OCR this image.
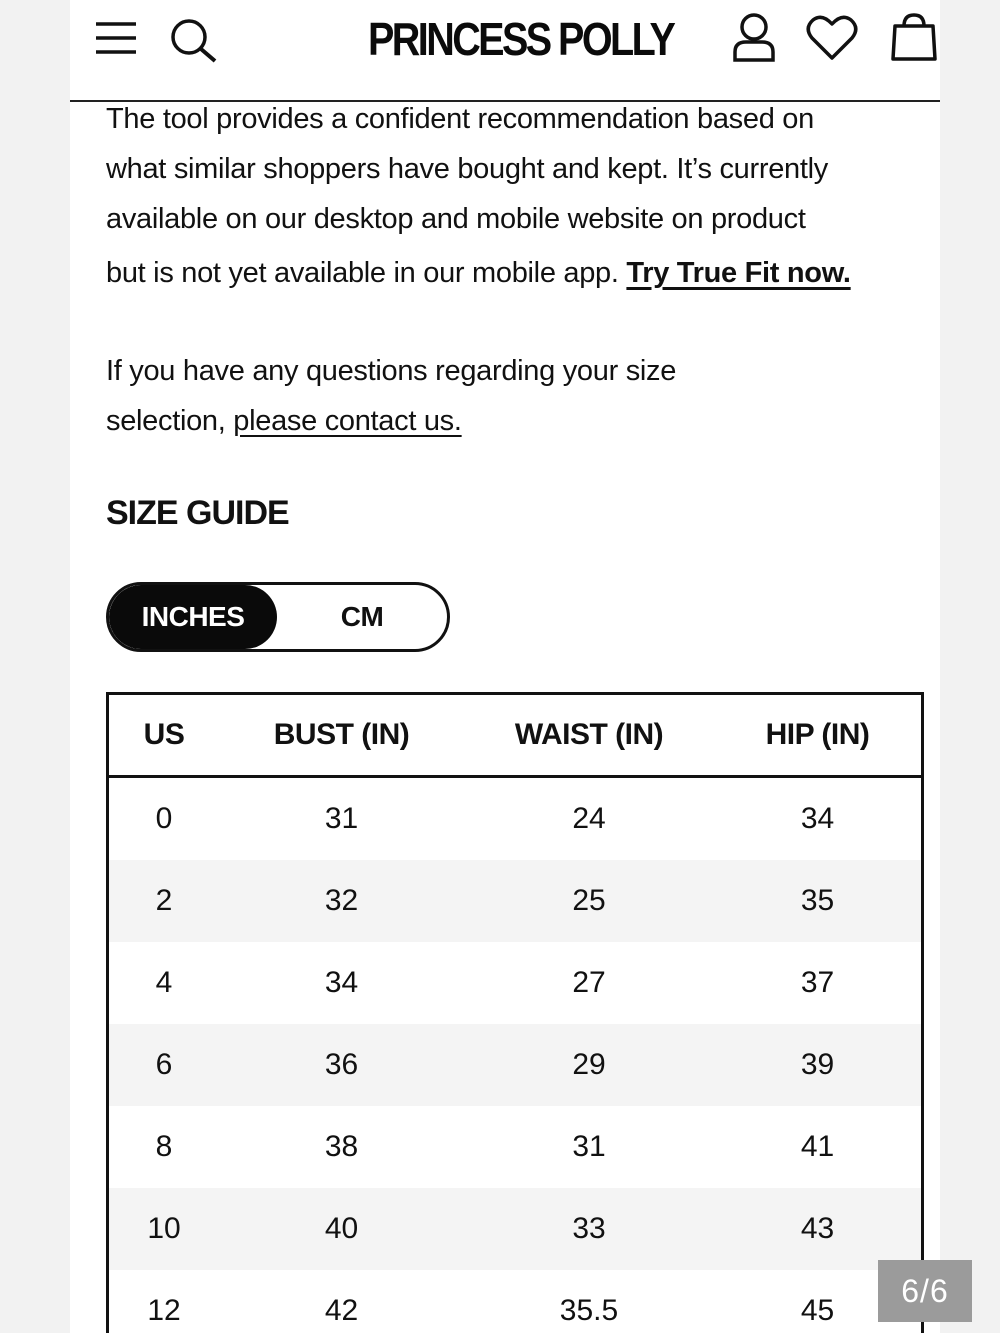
PRINCESS POLLY

The tool provides a confident recommendation based on
what similar shoppers have bought and kept. It’s currently
available on our desktop and mobile website on product
but is not yet available in our mobile app. Try True Fit now.

If you have any questions regarding your size
selection, please contact us.

SIZE GUIDE
INCHES	CM
US	BUST (IN)	WAIST (IN)	HIP (IN)
0	31	24	34
2	32	25	35
4	34	27	37
6	36	29	39
8	38	31	41
10	40	33	43
12	42	35.5	45
6/6
